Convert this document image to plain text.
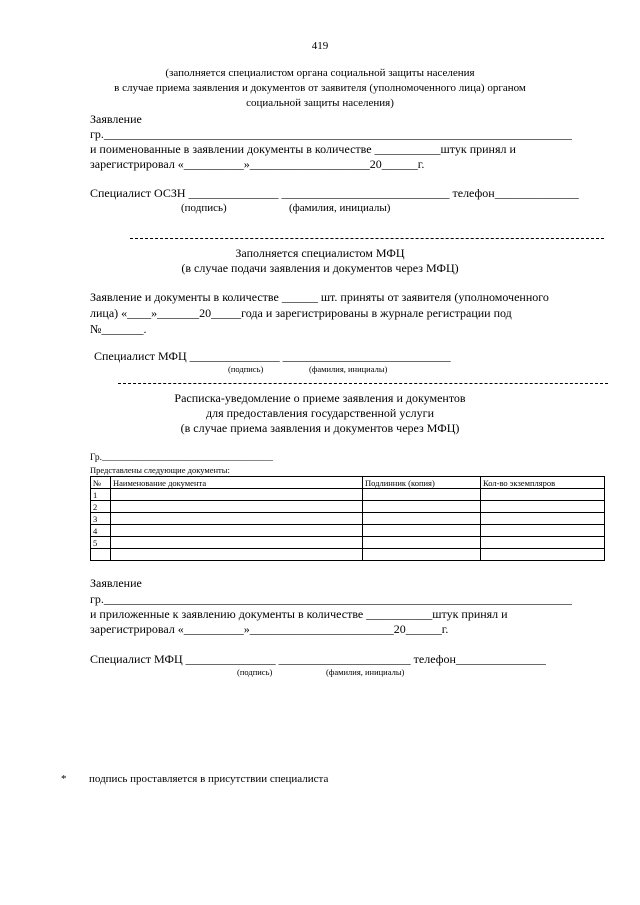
419
(заполняется специалистом органа социальной защиты населения
в случае приема заявления и документов от заявителя (уполномоченного лица) органом
социальной защиты населения)
Заявление
гр.______________________________________________________________________________
и поименованные в заявлении документы в количестве ___________штук принял и
зарегистрировал «__________»____________________20______г.
Специалист ОСЗН _______________ ____________________________ телефон______________
(подпись)	(фамилия, инициалы)
Заполняется специалистом МФЦ
(в случае подачи заявления и документов через МФЦ)
Заявление и документы в количестве ______ шт. приняты от заявителя (уполномоченного
лица) «____»_______20_____года и зарегистрированы в журнале регистрации под
№_______.
Специалист МФЦ _______________ ____________________________
(подпись)	(фамилия, инициалы)
Расписка-уведомление о приеме заявления и документов
для предоставления государственной услуги
(в случае приема заявления и документов через МФЦ)
Гр.____________________________________
Представлены следующие документы:
№	Наименование документа	Подлинник (копия)	Кол-во экземпляров
1			
2			
3			
4			
5			

Заявление
гр.______________________________________________________________________________
и приложенные к заявлению документы в количестве ___________штук принял и
зарегистрировал «__________»________________________20______г.
Специалист МФЦ _______________ ______________________ телефон_______________
(подпись)	(фамилия, инициалы)
* подпись проставляется в присутствии специалиста
